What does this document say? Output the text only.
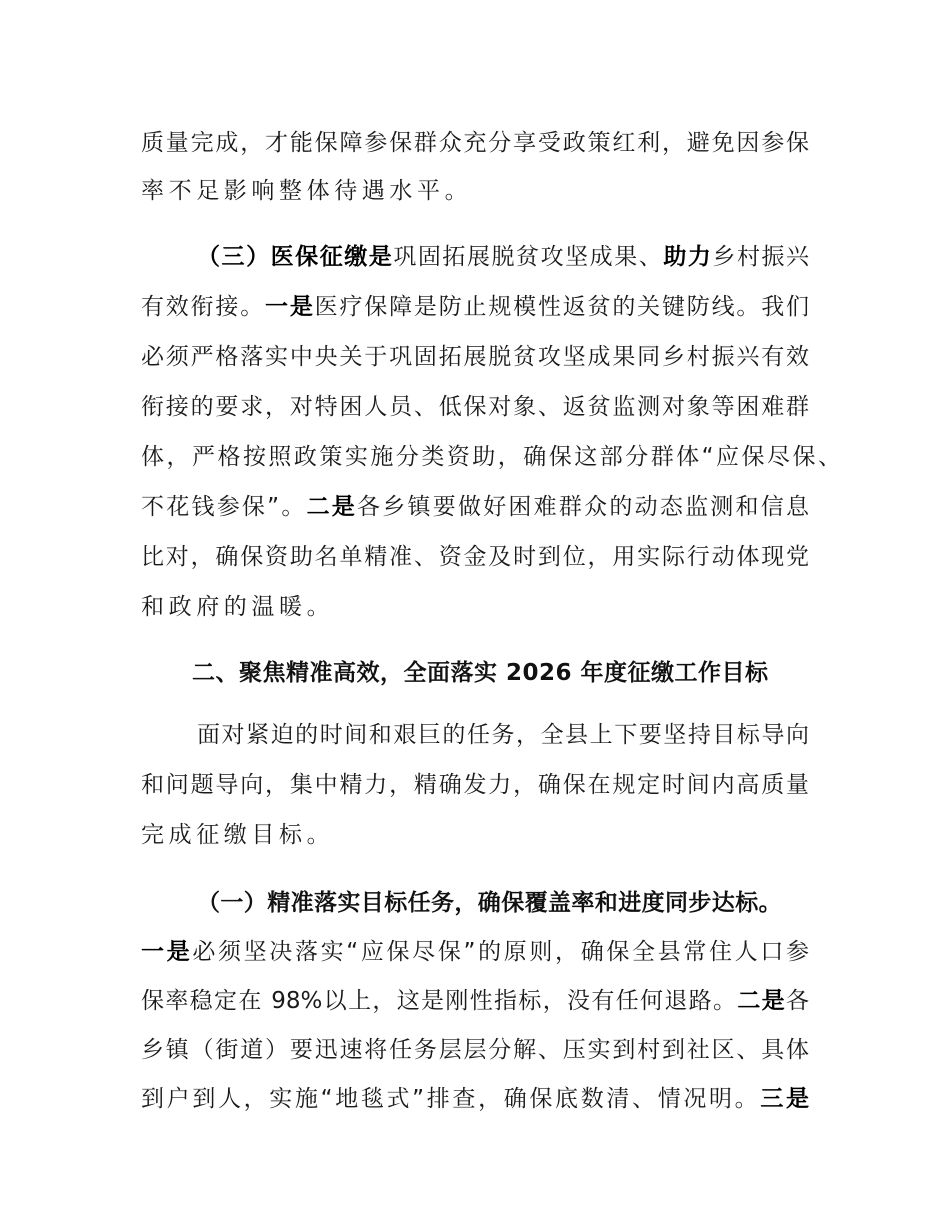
质量完成，才能保障参保群众充分享受政策红利，避免因参保
率不足影响整体待遇水平。
（三）医保征缴是巩固拓展脱贫攻坚成果、助力乡村振兴
有效衔接。一是医疗保障是防止规模性返贫的关键防线。我们
必须严格落实中央关于巩固拓展脱贫攻坚成果同乡村振兴有效
衔接的要求，对特困人员、低保对象、返贫监测对象等困难群
体，严格按照政策实施分类资助，确保这部分群体“应保尽保、
不花钱参保”。二是各乡镇要做好困难群众的动态监测和信息
比对，确保资助名单精准、资金及时到位，用实际行动体现党
和政府的温暖。
二、聚焦精准高效，全面落实 2026 年度征缴工作目标
面对紧迫的时间和艰巨的任务，全县上下要坚持目标导向
和问题导向，集中精力，精确发力，确保在规定时间内高质量
完成征缴目标。
（一）精准落实目标任务，确保覆盖率和进度同步达标。
一是必须坚决落实“应保尽保”的原则，确保全县常住人口参
保率稳定在 98%以上，这是刚性指标，没有任何退路。二是各
乡镇（街道）要迅速将任务层层分解、压实到村到社区、具体
到户到人，实施“地毯式”排查，确保底数清、情况明。三是
